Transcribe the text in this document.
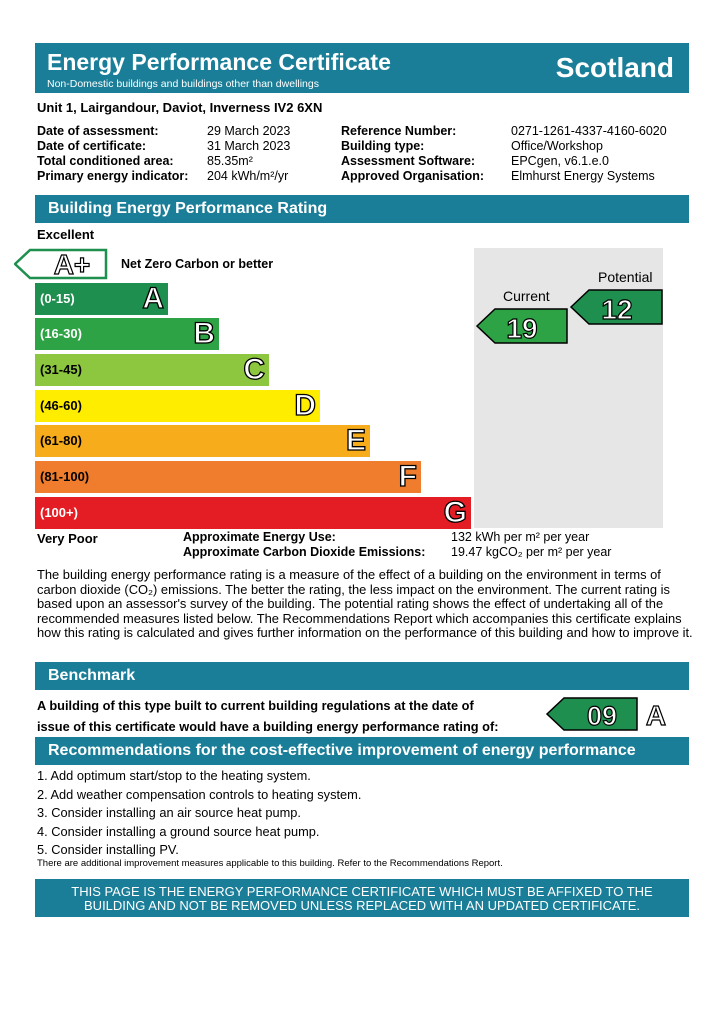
Energy Performance Certificate
Non-Domestic buildings and buildings other than dwellings
Scotland
Unit 1, Lairgandour, Daviot, Inverness IV2 6XN
Date of assessment:	29 March 2023	Reference Number:	0271-1261-4337-4160-6020
Date of certificate:	31 March 2023	Building type:	Office/Workshop
Total conditioned area:	85.35m²	Assessment Software:	EPCgen, v6.1.e.0
Primary energy indicator: 204 kWh/m²/yr	Approved Organisation: Elmhurst Energy Systems
Building Energy Performance Rating
Excellent
A+ Net Zero Carbon or better
(0-15) A
(16-30)	B
(31-45)	C
(46-60)	D
(61-80)	E
(81-100)	F
(100+)	G
Current
19
Potential
12
Very Poor	Approximate Energy Use:	132 kWh per m² per year
Approximate Carbon Dioxide Emissions: 19.47 kgCO₂ per m² per year
The building energy performance rating is a measure of the effect of a building on the environment in terms of carbon dioxide (CO₂) emissions. The better the rating, the less impact on the environment. The current rating is based upon an assessor's survey of the building. The potential rating shows the effect of undertaking all of the recommended measures listed below. The Recommendations Report which accompanies this certificate explains how this rating is calculated and gives further information on the performance of this building and how to improve it.
Benchmark
A building of this type built to current building regulations at the date of
issue of this certificate would have a building energy performance rating of:	09 A
Recommendations for the cost-effective improvement of energy performance
1. Add optimum start/stop to the heating system.
2. Add weather compensation controls to heating system.
3. Consider installing an air source heat pump.
4. Consider installing a ground source heat pump.
5. Consider installing PV.
There are additional improvement measures applicable to this building. Refer to the Recommendations Report.
THIS PAGE IS THE ENERGY PERFORMANCE CERTIFICATE WHICH MUST BE AFFIXED TO THE
BUILDING AND NOT BE REMOVED UNLESS REPLACED WITH AN UPDATED CERTIFICATE.
